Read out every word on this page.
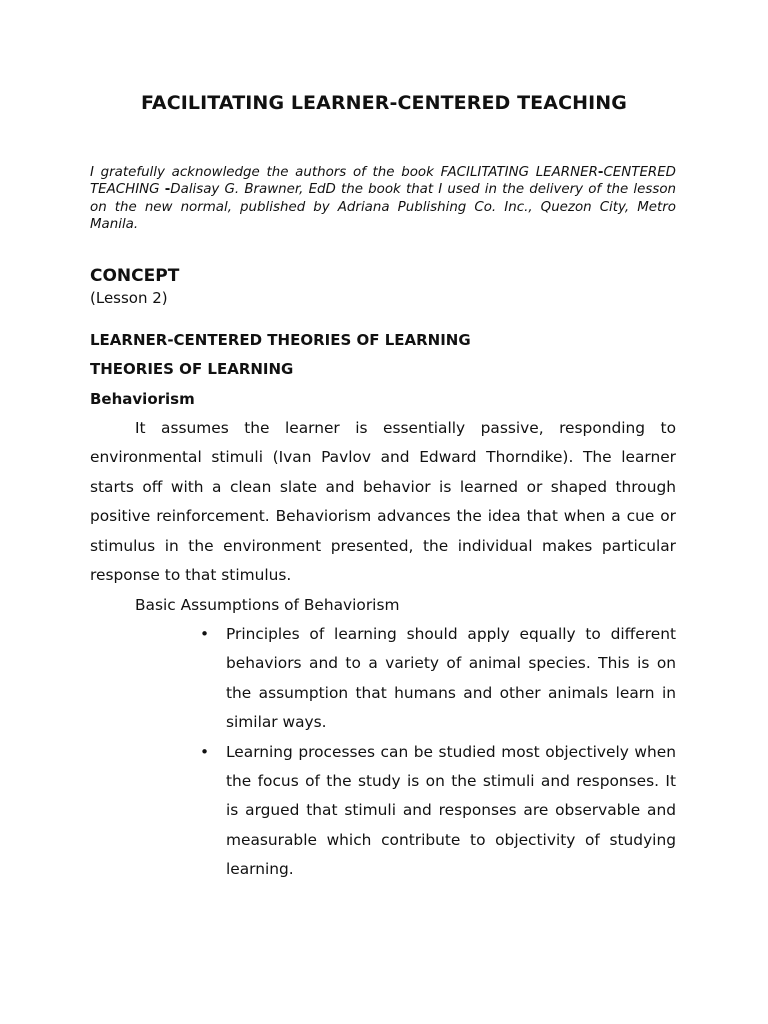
FACILITATING LEARNER-CENTERED TEACHING
I gratefully acknowledge the authors of the book FACILITATING LEARNER-CENTERED TEACHING -Dalisay G. Brawner, EdD the book that I used in the delivery of the lesson on the new normal, published by Adriana Publishing Co. Inc., Quezon City, Metro Manila.
CONCEPT
(Lesson 2)
LEARNER-CENTERED THEORIES OF LEARNING
THEORIES OF LEARNING
Behaviorism

It assumes the learner is essentially passive, responding to environmental stimuli (Ivan Pavlov and Edward Thorndike). The learner starts off with a clean slate and behavior is learned or shaped through positive reinforcement. Behaviorism advances the idea that when a cue or stimulus in the environment presented, the individual makes particular response to that stimulus.

Basic Assumptions of Behaviorism
• Principles of learning should apply equally to different behaviors and to a variety of animal species. This is on the assumption that humans and other animals learn in similar ways.
• Learning processes can be studied most objectively when the focus of the study is on the stimuli and responses. It is argued that stimuli and responses are observable and measurable which contribute to objectivity of studying learning.
